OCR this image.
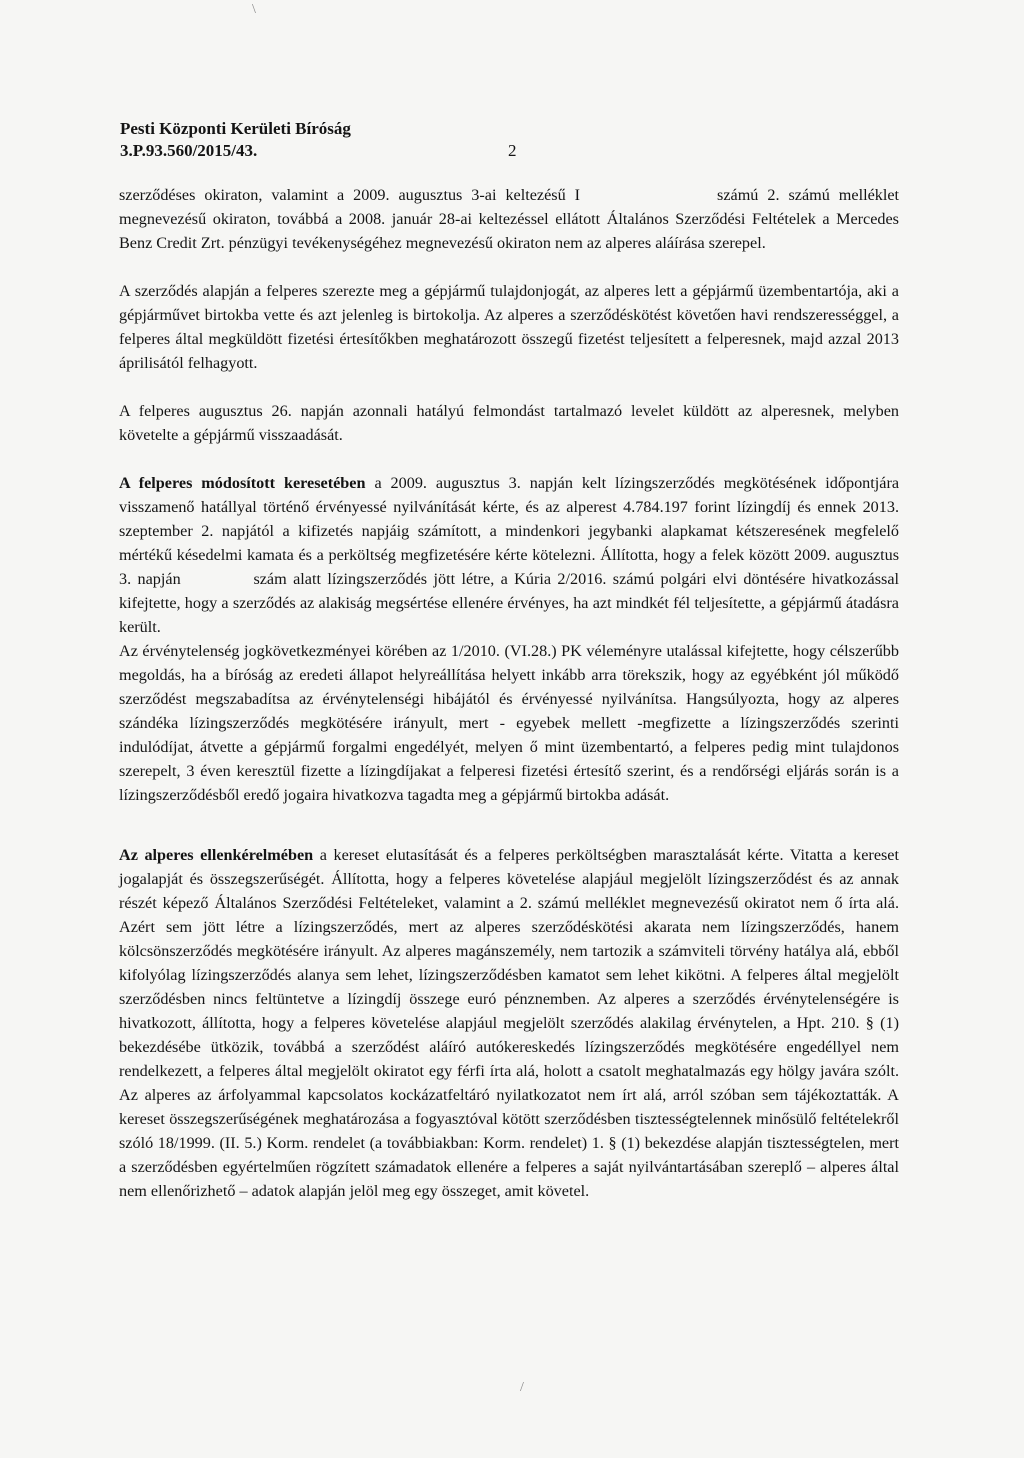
\
Pesti Központi Kerületi Bíróság
3.P.93.560/2015/43.	2

szerződéses okiraton, valamint a 2009. augusztus 3-ai keltezésű I	számú 2. számú melléklet megnevezésű okiraton, továbbá a 2008. január 28-ai keltezéssel ellátott Általános Szerződési Feltételek a Mercedes Benz Credit Zrt. pénzügyi tevékenységéhez megnevezésű okiraton nem az alperes aláírása szerepel.

A szerződés alapján a felperes szerezte meg a gépjármű tulajdonjogát, az alperes lett a gépjármű üzembentartója, aki a gépjárművet birtokba vette és azt jelenleg is birtokolja. Az alperes a szerződéskötést követően havi rendszerességgel, a felperes által megküldött fizetési értesítőkben meghatározott összegű fizetést teljesített a felperesnek, majd azzal 2013 áprilisától felhagyott.

A felperes augusztus 26. napján azonnali hatályú felmondást tartalmazó levelet küldött az alperesnek, melyben követelte a gépjármű visszaadását.

A felperes módosított keresetében a 2009. augusztus 3. napján kelt lízingszerződés megkötésének időpontjára visszamenő hatállyal történő érvényessé nyilvánítását kérte, és az alperest 4.784.197 forint lízingdíj és ennek 2013. szeptember 2. napjától a kifizetés napjáig számított, a mindenkori jegybanki alapkamat kétszeresének megfelelő mértékű késedelmi kamata és a perköltség megfizetésére kérte kötelezni. Állította, hogy a felek között 2009. augusztus 3. napján	szám alatt lízingszerződés jött létre, a Kúria 2/2016. számú polgári elvi döntésére hivatkozással kifejtette, hogy a szerződés az alakiság megsértése ellenére érvényes, ha azt mindkét fél teljesítette, a gépjármű átadásra került.

Az érvénytelenség jogkövetkezményei körében az 1/2010. (VI.28.) PK véleményre utalással kifejtette, hogy célszerűbb megoldás, ha a bíróság az eredeti állapot helyreállítása helyett inkább arra törekszik, hogy az egyébként jól működő szerződést megszabadítsa az érvénytelenségi hibájától és érvényessé nyilvánítsa. Hangsúlyozta, hogy az alperes szándéka lízingszerződés megkötésére irányult, mert - egyebek mellett -megfizette a lízingszerződés szerinti indulódíjat, átvette a gépjármű forgalmi engedélyét, melyen ő mint üzembentartó, a felperes pedig mint tulajdonos szerepelt, 3 éven keresztül fizette a lízingdíjakat a felperesi fizetési értesítő szerint, és a rendőrségi eljárás során is a lízingszerződésből eredő jogaira hivatkozva tagadta meg a gépjármű birtokba adását.

Az alperes ellenkérelmében a kereset elutasítását és a felperes perköltségben marasztalását kérte. Vitatta a kereset jogalapját és összegszerűségét. Állította, hogy a felperes követelése alapjául megjelölt lízingszerződést és az annak részét képező Általános Szerződési Feltételeket, valamint a 2. számú melléklet megnevezésű okiratot nem ő írta alá. Azért sem jött létre a lízingszerződés, mert az alperes szerződéskötési akarata nem lízingszerződés, hanem kölcsönszerződés megkötésére irányult. Az alperes magánszemély, nem tartozik a számviteli törvény hatálya alá, ebből kifolyólag lízingszerződés alanya sem lehet, lízingszerződésben kamatot sem lehet kikötni. A felperes által megjelölt szerződésben nincs feltüntetve a lízingdíj összege euró pénznemben. Az alperes a szerződés érvénytelenségére is hivatkozott, állította, hogy a felperes követelése alapjául megjelölt szerződés alakilag érvénytelen, a Hpt. 210. § (1) bekezdésébe ütközik, továbbá a szerződést aláíró autókereskedés lízingszerződés megkötésére engedéllyel nem rendelkezett, a felperes által megjelölt okiratot egy férfi írta alá, holott a csatolt meghatalmazás egy hölgy javára szólt. Az alperes az árfolyammal kapcsolatos kockázatfeltáró nyilatkozatot nem írt alá, arról szóban sem tájékoztatták. A kereset összegszerűségének meghatározása a fogyasztóval kötött szerződésben tisztességtelennek minősülő feltételekről szóló 18/1999. (II. 5.) Korm. rendelet (a továbbiakban: Korm. rendelet) 1. § (1) bekezdése alapján tisztességtelen, mert a szerződésben egyértelműen rögzített számadatok ellenére a felperes a saját nyilvántartásában szereplő – alperes által nem ellenőrizhető – adatok alapján jelöl meg egy összeget, amit követel.

/
